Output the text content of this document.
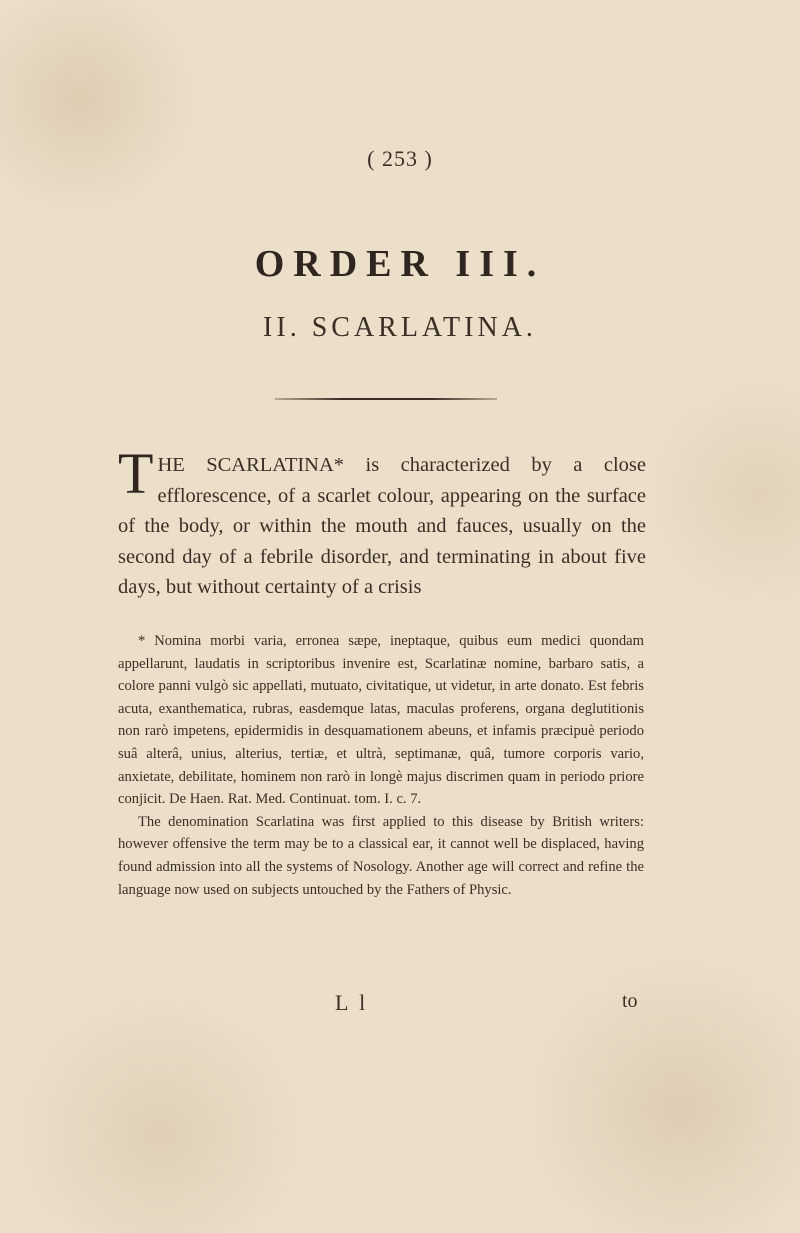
( 253 )
ORDER III.
II. SCARLATINA.
THE SCARLATINA* is characterized by a close efflorescence, of a scarlet colour, appearing on the surface of the body, or within the mouth and fauces, usually on the second day of a febrile disorder, and terminating in about five days, but without certainty of a crisis

* Nomina morbi varia, erronea sæpe, ineptaque, quibus eum medici quondam appellarunt, laudatis in scriptoribus invenire est, Scarlatinæ nomine, barbaro satis, a colore panni vulgò sic appellati, mutuato, civitatique, ut videtur, in arte donato. Est febris acuta, exanthematica, rubras, easdemque latas, maculas proferens, organa deglutitionis non rarò impetens, epidermidis in desquamationem abeuns, et infamis præcipuè periodo suâ alterâ, unius, alterius, tertiæ, et ultrà, septimanæ, quâ, tumore corporis vario, anxietate, debilitate, hominem non rarò in longè majus discrimen quam in periodo priore conjicit. De Haen. Rat. Med. Continuat. tom. I. c. 7.

The denomination Scarlatina was first applied to this disease by British writers: however offensive the term may be to a classical ear, it cannot well be displaced, having found admission into all the systems of Nosology. Another age will correct and refine the language now used on subjects untouched by the Fathers of Physic.

L l	to
